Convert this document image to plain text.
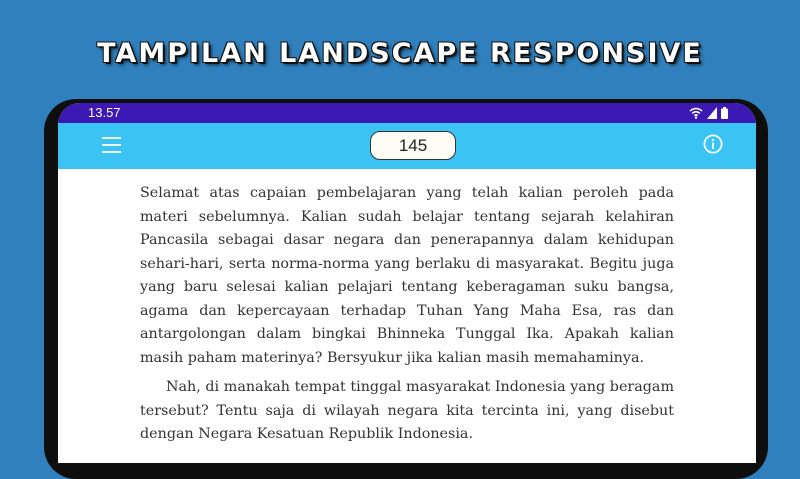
TAMPILAN LANDSCAPE RESPONSIVE
13.57
145

Selamat atas capaian pembelajaran yang telah kalian peroleh pada materi sebelumnya. Kalian sudah belajar tentang sejarah kelahiran Pancasila sebagai dasar negara dan penerapannya dalam kehidupan sehari-hari, serta norma-norma yang berlaku di masyarakat. Begitu juga yang baru selesai kalian pelajari tentang keberagaman suku bangsa, agama dan kepercayaan terhadap Tuhan Yang Maha Esa, ras dan antargolongan dalam bingkai Bhinneka Tunggal Ika. Apakah kalian masih paham materinya? Bersyukur jika kalian masih memahaminya.

Nah, di manakah tempat tinggal masyarakat Indonesia yang beragam tersebut? Tentu saja di wilayah negara kita tercinta ini, yang disebut dengan Negara Kesatuan Republik Indonesia.
